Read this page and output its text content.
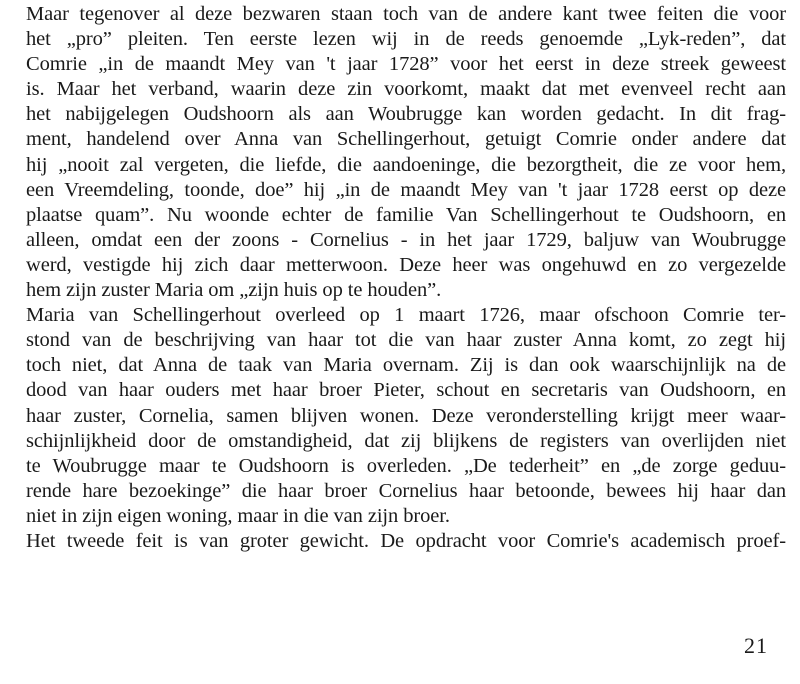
Maar tegenover al deze bezwaren staan toch van de andere kant twee feiten die voor
het „pro” pleiten. Ten eerste lezen wij in de reeds genoemde „Lyk-reden”, dat
Comrie „in de maandt Mey van 't jaar 1728” voor het eerst in deze streek geweest
is. Maar het verband, waarin deze zin voorkomt, maakt dat met evenveel recht aan
het nabijgelegen Oudshoorn als aan Woubrugge kan worden gedacht. In dit frag-
ment, handelend over Anna van Schellingerhout, getuigt Comrie onder andere dat
hij „nooit zal vergeten, die liefde, die aandoeninge, die bezorgtheit, die ze voor hem,
een Vreemdeling, toonde, doe” hij „in de maandt Mey van 't jaar 1728 eerst op deze
plaatse quam”. Nu woonde echter de familie Van Schellingerhout te Oudshoorn, en
alleen, omdat een der zoons - Cornelius - in het jaar 1729, baljuw van Woubrugge
werd, vestigde hij zich daar metterwoon. Deze heer was ongehuwd en zo vergezelde
hem zijn zuster Maria om „zijn huis op te houden”.
Maria van Schellingerhout overleed op 1 maart 1726, maar ofschoon Comrie ter-
stond van de beschrijving van haar tot die van haar zuster Anna komt, zo zegt hij
toch niet, dat Anna de taak van Maria overnam. Zij is dan ook waarschijnlijk na de
dood van haar ouders met haar broer Pieter, schout en secretaris van Oudshoorn, en
haar zuster, Cornelia, samen blijven wonen. Deze veronderstelling krijgt meer waar-
schijnlijkheid door de omstandigheid, dat zij blijkens de registers van overlijden niet
te Woubrugge maar te Oudshoorn is overleden. „De tederheit” en „de zorge geduu-
rende hare bezoekinge” die haar broer Cornelius haar betoonde, bewees hij haar dan
niet in zijn eigen woning, maar in die van zijn broer.
Het tweede feit is van groter gewicht. De opdracht voor Comrie's academisch proef-
21
